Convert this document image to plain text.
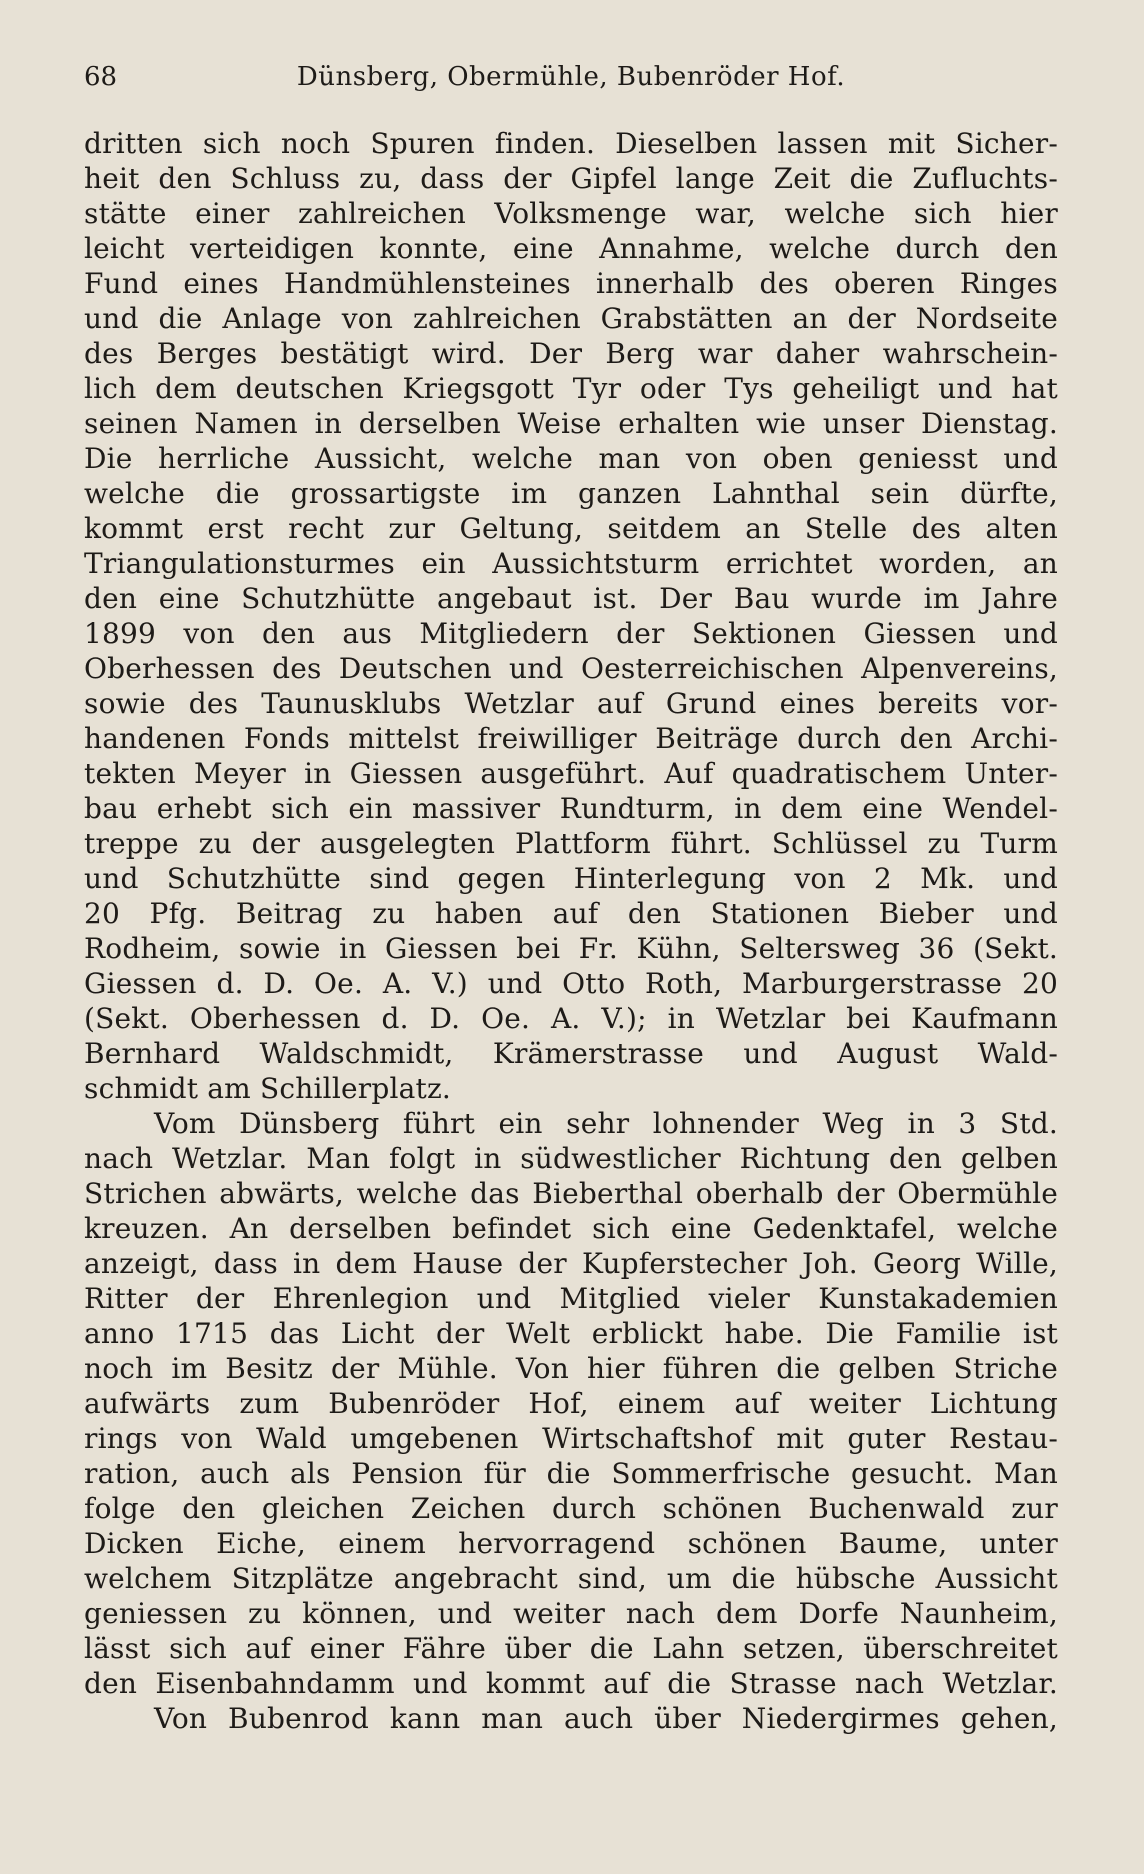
68	Dünsberg, Obermühle, Bubenröder Hof.
dritten sich noch Spuren finden. Dieselben lassen mit Sicher-
heit den Schluss zu, dass der Gipfel lange Zeit die Zufluchts-
stätte einer zahlreichen Volksmenge war, welche sich hier
leicht verteidigen konnte, eine Annahme, welche durch den
Fund eines Handmühlensteines innerhalb des oberen Ringes
und die Anlage von zahlreichen Grabstätten an der Nordseite
des Berges bestätigt wird. Der Berg war daher wahrschein-
lich dem deutschen Kriegsgott Tyr oder Tys geheiligt und hat
seinen Namen in derselben Weise erhalten wie unser Dienstag.
Die herrliche Aussicht, welche man von oben geniesst und
welche die grossartigste im ganzen Lahnthal sein dürfte,
kommt erst recht zur Geltung, seitdem an Stelle des alten
Triangulationsturmes ein Aussichtsturm errichtet worden, an
den eine Schutzhütte angebaut ist. Der Bau wurde im Jahre
1899 von den aus Mitgliedern der Sektionen Giessen und
Oberhessen des Deutschen und Oesterreichischen Alpenvereins,
sowie des Taunusklubs Wetzlar auf Grund eines bereits vor-
handenen Fonds mittelst freiwilliger Beiträge durch den Archi-
tekten Meyer in Giessen ausgeführt. Auf quadratischem Unter-
bau erhebt sich ein massiver Rundturm, in dem eine Wendel-
treppe zu der ausgelegten Plattform führt. Schlüssel zu Turm
und Schutzhütte sind gegen Hinterlegung von 2 Mk. und
20 Pfg. Beitrag zu haben auf den Stationen Bieber und
Rodheim, sowie in Giessen bei Fr. Kühn, Seltersweg 36 (Sekt.
Giessen d. D. Oe. A. V.) und Otto Roth, Marburgerstrasse 20
(Sekt. Oberhessen d. D. Oe. A. V.); in Wetzlar bei Kaufmann
Bernhard Waldschmidt, Krämerstrasse und August Wald-
schmidt am Schillerplatz.
Vom Dünsberg führt ein sehr lohnender Weg in 3 Std.
nach Wetzlar. Man folgt in südwestlicher Richtung den gelben
Strichen abwärts, welche das Bieberthal oberhalb der Obermühle
kreuzen. An derselben befindet sich eine Gedenktafel, welche
anzeigt, dass in dem Hause der Kupferstecher Joh. Georg Wille,
Ritter der Ehrenlegion und Mitglied vieler Kunstakademien
anno 1715 das Licht der Welt erblickt habe. Die Familie ist
noch im Besitz der Mühle. Von hier führen die gelben Striche
aufwärts zum Bubenröder Hof, einem auf weiter Lichtung
rings von Wald umgebenen Wirtschaftshof mit guter Restau-
ration, auch als Pension für die Sommerfrische gesucht. Man
folge den gleichen Zeichen durch schönen Buchenwald zur
Dicken Eiche, einem hervorragend schönen Baume, unter
welchem Sitzplätze angebracht sind, um die hübsche Aussicht
geniessen zu können, und weiter nach dem Dorfe Naunheim,
lässt sich auf einer Fähre über die Lahn setzen, überschreitet
den Eisenbahndamm und kommt auf die Strasse nach Wetzlar.
Von Bubenrod kann man auch über Niedergirmes gehen,
